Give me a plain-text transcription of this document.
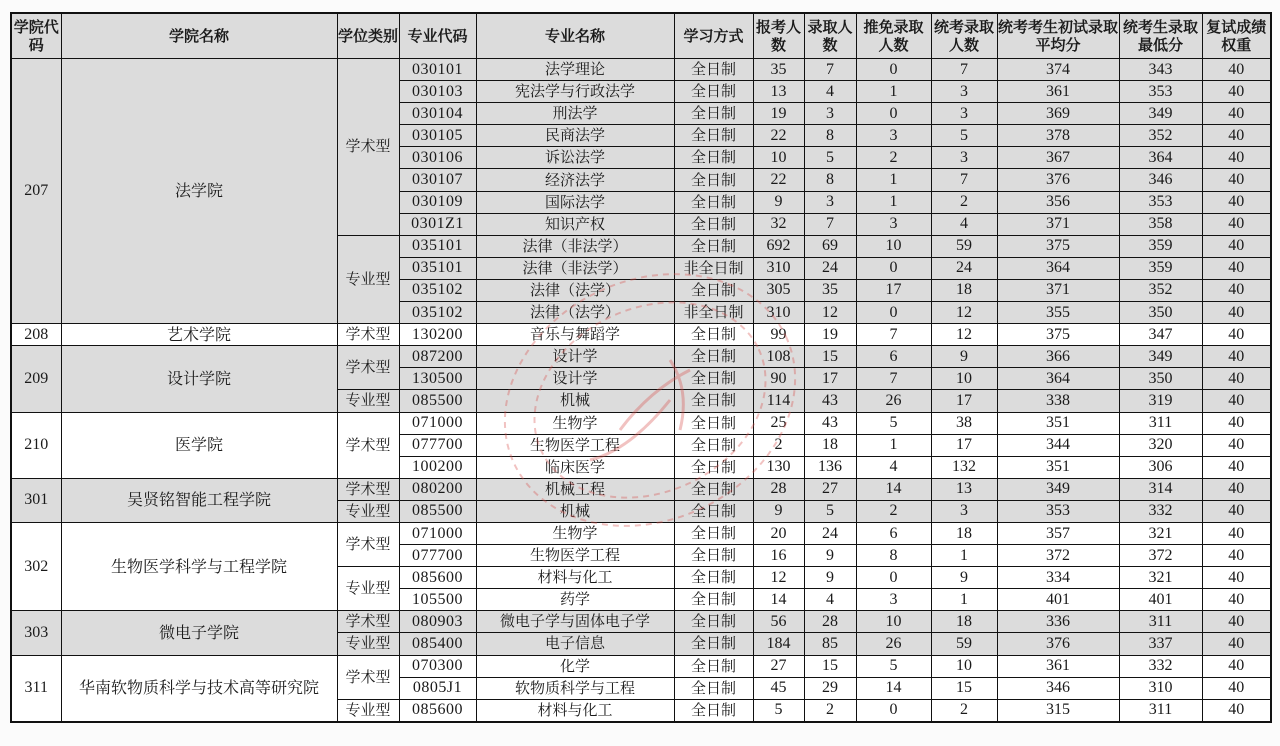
学院代码	学院名称	学位类别	专业代码	专业名称	学习方式	报考人数	录取人数	推免录取人数	统考录取人数	统考考生初试录取平均分	统考生录取最低分	复试成绩权重
207	法学院	学术型	030101	法学理论	全日制	35	7	0	7	374	343	40
			030103	宪法学与行政法学	全日制	13	4	1	3	361	353	40
			030104	刑法学	全日制	19	3	0	3	369	349	40
			030105	民商法学	全日制	22	8	3	5	378	352	40
			030106	诉讼法学	全日制	10	5	2	3	367	364	40
			030107	经济法学	全日制	22	8	1	7	376	346	40
			030109	国际法学	全日制	9	3	1	2	356	353	40
			0301Z1	知识产权	全日制	32	7	3	4	371	358	40
		专业型	035101	法律（非法学）	全日制	692	69	10	59	375	359	40
			035101	法律（非法学）	非全日制	310	24	0	24	364	359	40
			035102	法律（法学）	全日制	305	35	17	18	371	352	40
			035102	法律（法学）	非全日制	310	12	0	12	355	350	40
208	艺术学院	学术型	130200	音乐与舞蹈学	全日制	99	19	7	12	375	347	40
209	设计学院	学术型	087200	设计学	全日制	108	15	6	9	366	349	40
			130500	设计学	全日制	90	17	7	10	364	350	40
		专业型	085500	机械	全日制	114	43	26	17	338	319	40
210	医学院	学术型	071000	生物学	全日制	25	43	5	38	351	311	40
			077700	生物医学工程	全日制	2	18	1	17	344	320	40
			100200	临床医学	全日制	130	136	4	132	351	306	40
301	吴贤铭智能工程学院	学术型	080200	机械工程	全日制	28	27	14	13	349	314	40
		专业型	085500	机械	全日制	9	5	2	3	353	332	40
302	生物医学科学与工程学院	学术型	071000	生物学	全日制	20	24	6	18	357	321	40
			077700	生物医学工程	全日制	16	9	8	1	372	372	40
		专业型	085600	材料与化工	全日制	12	9	0	9	334	321	40
			105500	药学	全日制	14	4	3	1	401	401	40
303	微电子学院	学术型	080903	微电子学与固体电子学	全日制	56	28	10	18	336	311	40
		专业型	085400	电子信息	全日制	184	85	26	59	376	337	40
311	华南软物质科学与技术高等研究院	学术型	070300	化学	全日制	27	15	5	10	361	332	40
			0805J1	软物质科学与工程	全日制	45	29	14	15	346	310	40
		专业型	085600	材料与化工	全日制	5	2	0	2	315	311	40
